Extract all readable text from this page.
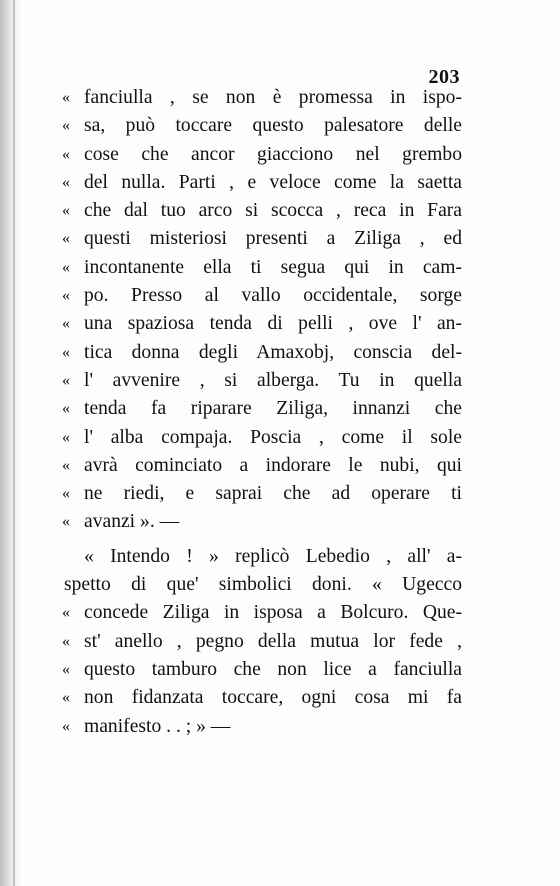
203
« fanciulla , se non è promessa in ispo-
« sa, può toccare questo palesatore delle
« cose che ancor giacciono nel grembo
« del nulla. Parti , e veloce come la saetta
« che dal tuo arco si scocca , reca in Fara
« questi misteriosi presenti a Ziliga , ed
« incontanente ella ti segua qui in cam-
« po. Presso al vallo occidentale, sorge
« una spaziosa tenda di pelli , ove l' an-
« tica donna degli Amaxobj, conscia del-
« l' avvenire , si alberga. Tu in quella
« tenda fa riparare Ziliga, innanzi che
« l' alba compaja. Poscia , come il sole
« avrà cominciato a indorare le nubi, qui
« ne riedi, e saprai che ad operare ti
« avanzi ». —
« Intendo ! » replicò Lebedio , all' a-
spetto di que' simbolici doni. « Ugecco
« concede Ziliga in isposa a Bolcuro. Que-
« st' anello , pegno della mutua lor fede ,
« questo tamburo che non lice a fanciulla
« non fidanzata toccare, ogni cosa mi fa
« manifesto . . ; » —
